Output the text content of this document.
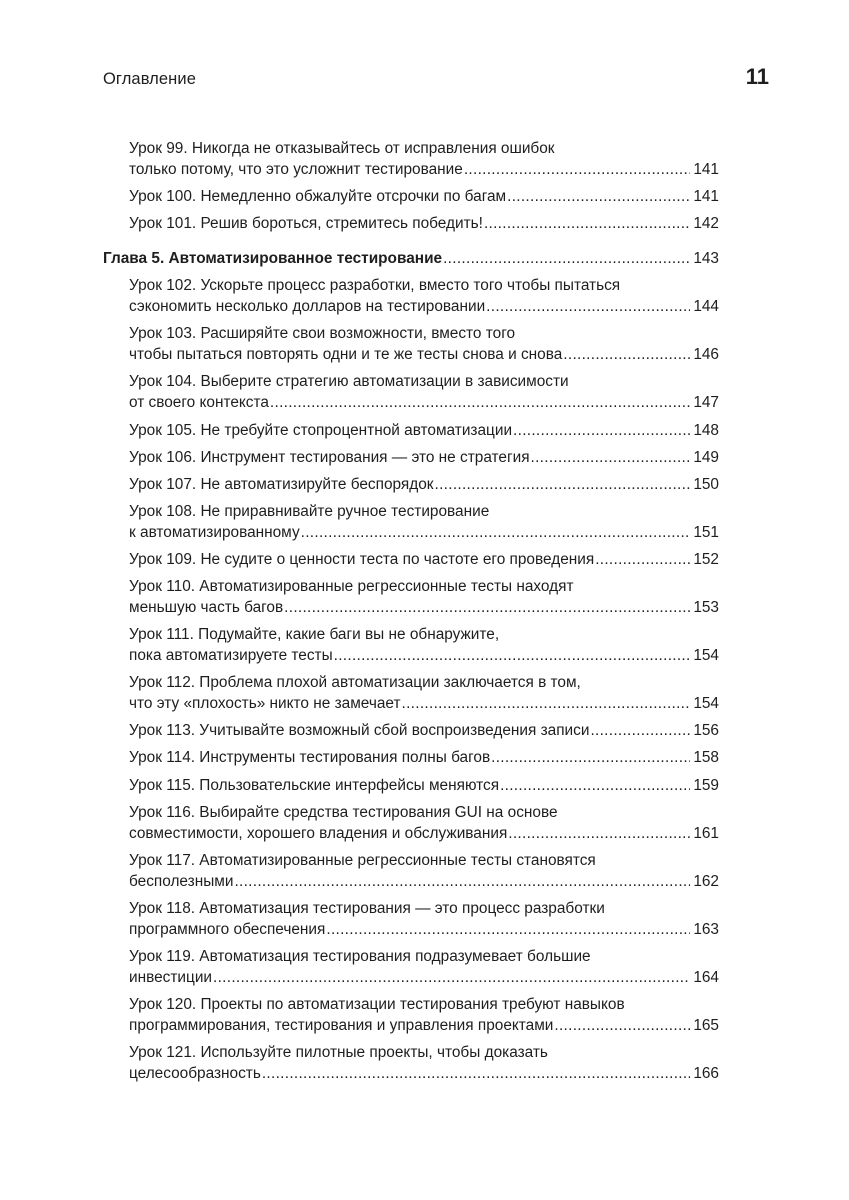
Оглавление	11
Урок 99. Никогда не отказывайтесь от исправления ошибок
только потому, что это усложнит тестирование .....	141
Урок 100. Немедленно обжалуйте отсрочки по багам .....	141
Урок 101. Решив бороться, стремитесь победить! .....	142
Глава 5. Автоматизированное тестирование .....	143
Урок 102. Ускорьте процесс разработки, вместо того чтобы пытаться
сэкономить несколько долларов на тестировании .....	144
Урок 103. Расширяйте свои возможности, вместо того
чтобы пытаться повторять одни и те же тесты снова и снова .....	146
Урок 104. Выберите стратегию автоматизации в зависимости
от своего контекста .....	147
Урок 105. Не требуйте стопроцентной автоматизации .....	148
Урок 106. Инструмент тестирования — это не стратегия .....	149
Урок 107. Не автоматизируйте беспорядок .....	150
Урок 108. Не приравнивайте ручное тестирование
к автоматизированному .....	151
Урок 109. Не судите о ценности теста по частоте его проведения .....	152
Урок 110. Автоматизированные регрессионные тесты находят
меньшую часть багов .....	153
Урок 111. Подумайте, какие баги вы не обнаружите,
пока автоматизируете тесты .....	154
Урок 112. Проблема плохой автоматизации заключается в том,
что эту «плохость» никто не замечает .....	154
Урок 113. Учитывайте возможный сбой воспроизведения записи .....	156
Урок 114. Инструменты тестирования полны багов .....	158
Урок 115. Пользовательские интерфейсы меняются .....	159
Урок 116. Выбирайте средства тестирования GUI на основе
совместимости, хорошего владения и обслуживания .....	161
Урок 117. Автоматизированные регрессионные тесты становятся
бесполезными .....	162
Урок 118. Автоматизация тестирования — это процесс разработки
программного обеспечения .....	163
Урок 119. Автоматизация тестирования подразумевает большие
инвестиции .....	164
Урок 120. Проекты по автоматизации тестирования требуют навыков
программирования, тестирования и управления проектами .....	165
Урок 121. Используйте пилотные проекты, чтобы доказать
целесообразность .....	166
